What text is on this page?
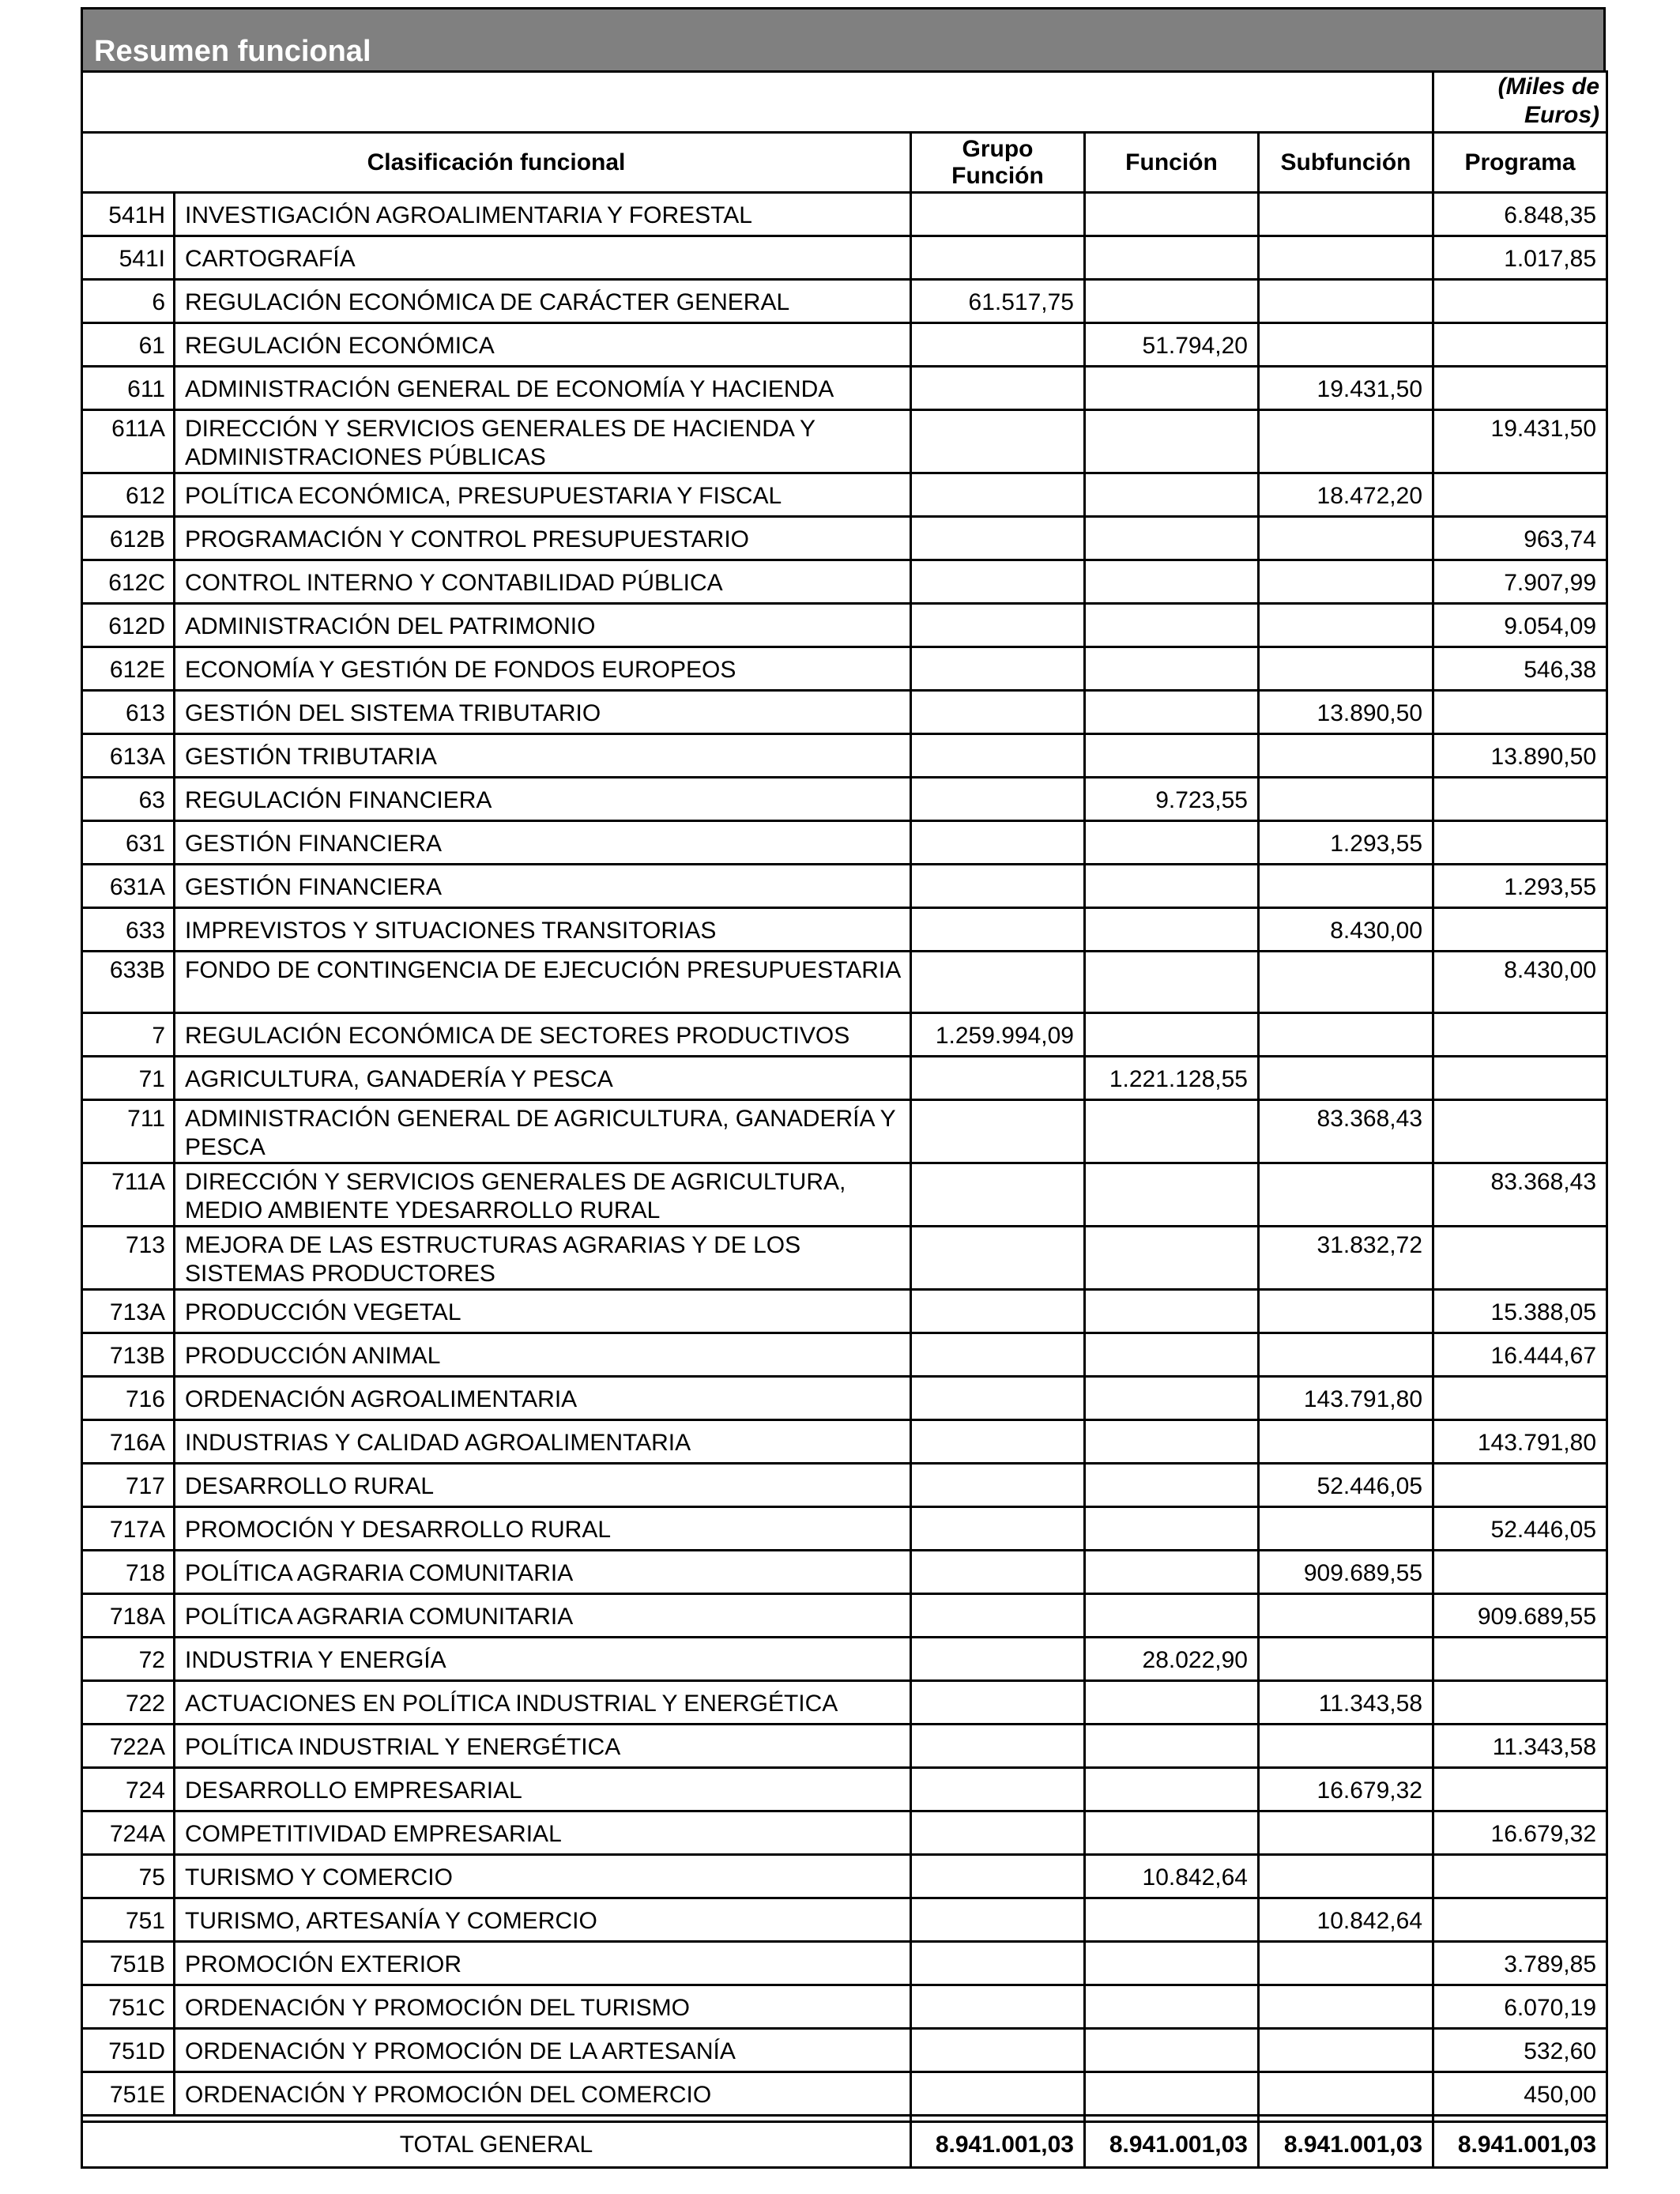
Resumen funcional
					(Miles de Euros)
Clasificación funcional		Grupo Función	Función	Subfunción	Programa
541H	INVESTIGACIÓN AGROALIMENTARIA Y FORESTAL				6.848,35
541I	CARTOGRAFÍA				1.017,85
6	REGULACIÓN ECONÓMICA DE CARÁCTER GENERAL	61.517,75			
61	REGULACIÓN ECONÓMICA		51.794,20		
611	ADMINISTRACIÓN GENERAL DE ECONOMÍA Y HACIENDA			19.431,50	
611A	DIRECCIÓN Y SERVICIOS GENERALES DE HACIENDA Y ADMINISTRACIONES PÚBLICAS				19.431,50
612	POLÍTICA ECONÓMICA, PRESUPUESTARIA Y FISCAL			18.472,20	
612B	PROGRAMACIÓN Y CONTROL PRESUPUESTARIO				963,74
612C	CONTROL INTERNO Y CONTABILIDAD PÚBLICA				7.907,99
612D	ADMINISTRACIÓN DEL PATRIMONIO				9.054,09
612E	ECONOMÍA Y GESTIÓN DE FONDOS EUROPEOS				546,38
613	GESTIÓN DEL SISTEMA TRIBUTARIO			13.890,50	
613A	GESTIÓN TRIBUTARIA				13.890,50
63	REGULACIÓN FINANCIERA		9.723,55		
631	GESTIÓN FINANCIERA			1.293,55	
631A	GESTIÓN FINANCIERA				1.293,55
633	IMPREVISTOS Y SITUACIONES TRANSITORIAS			8.430,00	
633B	FONDO DE CONTINGENCIA DE EJECUCIÓN PRESUPUESTARIA				8.430,00
7	REGULACIÓN ECONÓMICA DE SECTORES PRODUCTIVOS	1.259.994,09			
71	AGRICULTURA, GANADERÍA Y PESCA		1.221.128,55		
711	ADMINISTRACIÓN GENERAL DE AGRICULTURA, GANADERÍA Y PESCA			83.368,43	
711A	DIRECCIÓN Y SERVICIOS GENERALES DE AGRICULTURA, MEDIO AMBIENTE YDESARROLLO RURAL				83.368,43
713	MEJORA DE LAS ESTRUCTURAS AGRARIAS Y DE LOS SISTEMAS PRODUCTORES			31.832,72	
713A	PRODUCCIÓN VEGETAL				15.388,05
713B	PRODUCCIÓN ANIMAL				16.444,67
716	ORDENACIÓN AGROALIMENTARIA			143.791,80	
716A	INDUSTRIAS Y CALIDAD AGROALIMENTARIA				143.791,80
717	DESARROLLO RURAL			52.446,05	
717A	PROMOCIÓN Y DESARROLLO RURAL				52.446,05
718	POLÍTICA AGRARIA COMUNITARIA			909.689,55	
718A	POLÍTICA AGRARIA COMUNITARIA				909.689,55
72	INDUSTRIA Y ENERGÍA		28.022,90		
722	ACTUACIONES EN POLÍTICA INDUSTRIAL Y ENERGÉTICA			11.343,58	
722A	POLÍTICA INDUSTRIAL Y ENERGÉTICA				11.343,58
724	DESARROLLO EMPRESARIAL			16.679,32	
724A	COMPETITIVIDAD EMPRESARIAL				16.679,32
75	TURISMO Y COMERCIO		10.842,64		
751	TURISMO, ARTESANÍA Y COMERCIO			10.842,64	
751B	PROMOCIÓN EXTERIOR				3.789,85
751C	ORDENACIÓN Y PROMOCIÓN DEL TURISMO				6.070,19
751D	ORDENACIÓN Y PROMOCIÓN DE LA ARTESANÍA				532,60
751E	ORDENACIÓN Y PROMOCIÓN DEL COMERCIO				450,00

TOTAL GENERAL		8.941.001,03	8.941.001,03	8.941.001,03	8.941.001,03
